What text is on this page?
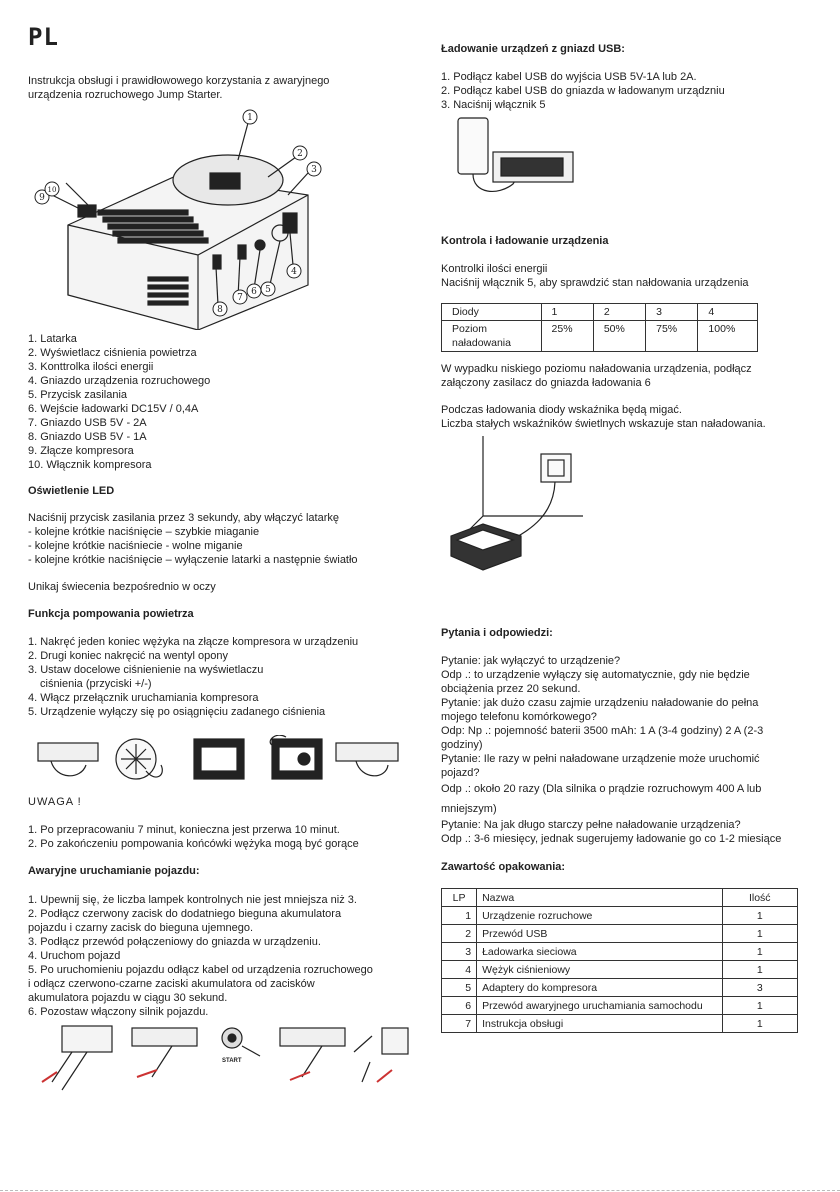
PL
Instrukcja obsługi i prawidłowowego korzystania z awaryjnego
urządzenia rozruchowego Jump Starter.
1
2
3
4
5
6
7
8
9
10
1. Latarka
2. Wyświetlacz ciśnienia powietrza
3. Konttrolka ilości energii
4. Gniazdo urządzenia rozruchowego
5. Przycisk zasilania
6. Wejście ładowarki DC15V / 0,4A
7. Gniazdo USB 5V - 2A
8. Gniazdo USB 5V - 1A
9. Złącze kompresora
10. Włącznik kompresora
Oświetlenie LED
Naciśnij przycisk zasilania przez 3 sekundy, aby włączyć latarkę
- kolejne krótkie naciśnięcie – szybkie miaganie
- kolejne krótkie naciśniecie - wolne miganie
- kolejne krótkie naciśnięcie – wyłączenie latarki a następnie światło
Unikaj świecenia bezpośrednio w oczy
Funkcja pompowania powietrza
1. Nakręć jeden koniec wężyka na złącze kompresora w urządzeniu
2. Drugi koniec nakręcić na wentyl opony
3. Ustaw docelowe ciśnienienie na wyświetlaczu
ciśnienia (przyciski +/-)
4. Włącz przełącznik uruchamiania kompresora
5. Urządzenie wyłączy się po osiągnięciu zadanego ciśnienia
UWAGA !
1. Po przepracowaniu 7 minut, konieczna jest przerwa 10 minut.
2. Po zakończeniu pompowania końcówki wężyka mogą być gorące
Awaryjne uruchamianie pojazdu:
1. Upewnij się, że liczba lampek kontrolnych nie jest mniejsza niż 3.
2. Podłącz czerwony zacisk do dodatniego bieguna akumulatora
pojazdu i czarny zacisk do bieguna ujemnego.
3. Podłącz przewód połączeniowy do gniazda w urządzeniu.
4. Uruchom pojazd
5. Po uruchomieniu pojazdu odłącz kabel od urządzenia rozruchowego
i odłącz czerwono-czarne zaciski akumulatora od zacisków
akumulatora pojazdu w ciągu 30 sekund.
6. Pozostaw włączony silnik pojazdu.
START
Ładowanie urządzeń z gniazd USB:
1. Podłącz kabel USB do wyjścia USB 5V-1A lub 2A.
2. Podłącz kabel USB do gniazda w ładowanym urządzniu
3. Naciśnij włącznik 5
Kontrola i ładowanie urządzenia
Kontrolki ilości energii
Naciśnij włącznik 5, aby sprawdzić stan nałdowania urządzenia
Diody	1	2	3	4

Poziom
naładowania	25%	50%	75%	100%
W wypadku niskiego poziomu naładowania urządzenia, podłącz
załączony zasilacz do gniazda ładowania 6
Podczas ładowania diody wskaźnika będą migać.
Liczba stałych wskaźników świetlnych wskazuje stan naładowania.
Pytania i odpowiedzi:
Pytanie: jak wyłączyć to urządzenie?
Odp .: to urządzenie wyłączy się automatycznie, gdy nie będzie
obciążenia przez 20 sekund.
Pytanie: jak dużo czasu zajmie urządzeniu naładowanie do pełna
mojego telefonu komórkowego?
Odp: Np .: pojemność baterii 3500 mAh: 1 A (3-4 godziny) 2 A (2-3
godziny)
Pytanie: Ile razy w pełni naładowane urządzenie może uruchomić
pojazd?
Odp .: około 20 razy (Dla silnika o prądzie rozruchowym 400 A lub
mniejszym)
Pytanie: Na jak długo starczy pełne naładowanie urządzenia?
Odp .: 3-6 miesięcy, jednak sugerujemy ładowanie go co 1-2 miesiące
Zawartość opakowania:
LP	Nazwa	Ilość
1	Urządzenie rozruchowe	1
2	Przewód USB	1
3	Ładowarka sieciowa	1
4	Wężyk ciśnieniowy	1
5	Adaptery do kompresora	3
6	Przewód awaryjnego uruchamiania samochodu	1
7	Instrukcja obsługi	1
